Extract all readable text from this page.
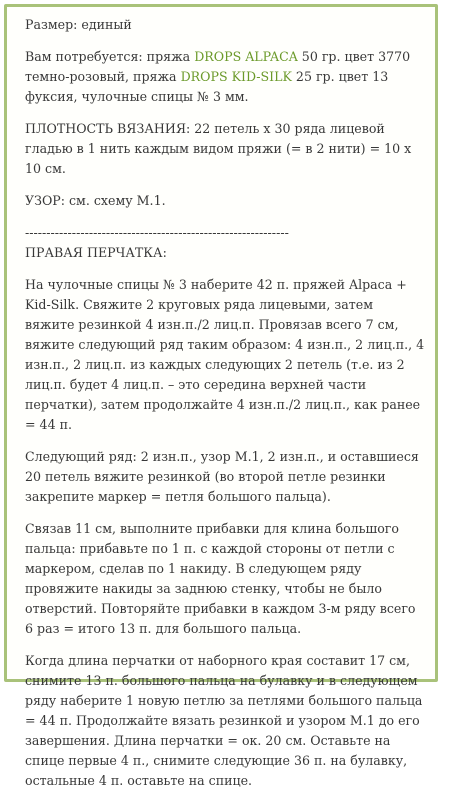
Размер: единый

Вам потребуется: пряжа DROPS ALPACA 50 гр. цвет 3770 темно-розовый, пряжа DROPS KID-SILK 25 гр. цвет 13 фуксия, чулочные спицы № 3 мм.

ПЛОТНОСТЬ ВЯЗАНИЯ: 22 петель х 30 ряда лицевой гладью в 1 нить каждым видом пряжи (= в 2 нити) = 10 х 10 см.

УЗОР: см. схему М.1.

--------------------------------------------------------------

ПРАВАЯ ПЕРЧАТКА:

На чулочные спицы № 3 наберите 42 п. пряжей Alpaca + Kid-Silk. Свяжите 2 круговых ряда лицевыми, затем вяжите резинкой 4 изн.п./2 лиц.п. Провязав всего 7 см, вяжите следующий ряд таким образом: 4 изн.п., 2 лиц.п., 4 изн.п., 2 лиц.п. из каждых следующих 2 петель (т.е. из 2 лиц.п. будет 4 лиц.п. – это середина верхней части перчатки), затем продолжайте 4 изн.п./2 лиц.п., как ранее = 44 п.

Следующий ряд: 2 изн.п., узор М.1, 2 изн.п., и оставшиеся 20 петель вяжите резинкой (во второй петле резинки закрепите маркер = петля большого пальца).

Связав 11 см, выполните прибавки для клина большого пальца: прибавьте по 1 п. с каждой стороны от петли с маркером, сделав по 1 накиду. В следующем ряду провяжите накиды за заднюю стенку, чтобы не было отверстий. Повторяйте прибавки в каждом 3-м ряду всего 6 раз = итого 13 п. для большого пальца.

Когда длина перчатки от наборного края составит 17 см, снимите 13 п. большого пальца на булавку и в следующем ряду наберите 1 новую петлю за петлями большого пальца = 44 п. Продолжайте вязать резинкой и узором М.1 до его завершения. Длина перчатки = ок. 20 см. Оставьте на спице первые 4 п., снимите следующие 36 п. на булавку, остальные 4 п. оставьте на спице.
